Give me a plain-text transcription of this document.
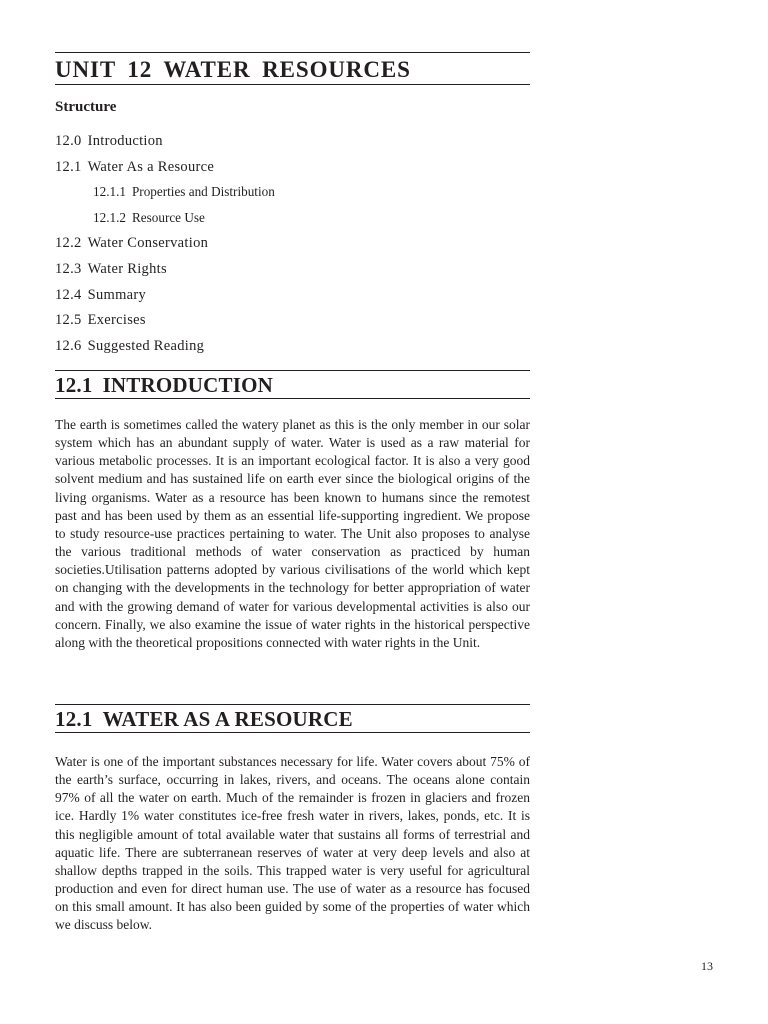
UNIT 12 WATER RESOURCES
Structure
12.0 Introduction
12.1 Water As a Resource
12.1.1 Properties and Distribution
12.1.2 Resource Use
12.2 Water Conservation
12.3 Water Rights
12.4 Summary
12.5 Exercises
12.6 Suggested Reading
12.1 INTRODUCTION

The earth is sometimes called the watery planet as this is the only member in our solar system which has an abundant supply of water. Water is used as a raw material for various metabolic processes. It is an important ecological factor. It is also a very good solvent medium and has sustained life on earth ever since the biological origins of the living organisms. Water as a resource has been known to humans since the remotest past and has been used by them as an essential life-supporting ingredient. We propose to study resource-use practices pertaining to water. The Unit also proposes to analyse the various traditional methods of water conservation as practiced by human societies.Utilisation patterns adopted by various civilisations of the world which kept on changing with the developments in the technology for better appropriation of water and with the growing demand of water for various developmental activities is also our concern. Finally, we also examine the issue of water rights in the historical perspective along with the theoretical propositions connected with water rights in the Unit.

12.1 WATER AS A RESOURCE

Water is one of the important substances necessary for life. Water covers about 75% of the earth’s surface, occurring in lakes, rivers, and oceans. The oceans alone contain 97% of all the water on earth. Much of the remainder is frozen in glaciers and frozen ice. Hardly 1% water constitutes ice-free fresh water in rivers, lakes, ponds, etc. It is this negligible amount of total available water that sustains all forms of terrestrial and aquatic life. There are subterranean reserves of water at very deep levels and also at shallow depths trapped in the soils. This trapped water is very useful for agricultural production and even for direct human use. The use of water as a resource has focused on this small amount. It has also been guided by some of the properties of water which we discuss below.

13
